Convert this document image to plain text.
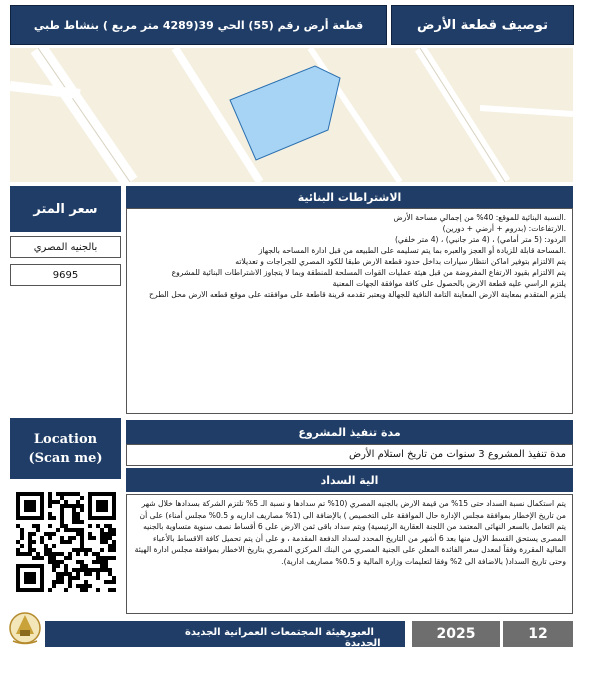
توصيف قطعة الأرض
قطعة أرض رقم (55) الحي 39(4289 متر مربع ) بنشاط طبي
الاشتراطات البنائية
.النسبة البنائية للموقع: 40% من إجمالي مساحة الأرض
.الارتفاعات: (بدروم + أرضي + دورين)
الردود: (5 متر أمامي) ، (4 متر جانبي) ، (4 متر خلفي)
.المساحة قابلة للزيادة أو العجز والعبره بما يتم تسليمه على الطبيعه من قبل ادارة المساحه بالجهاز
يتم الالتزام بتوفير اماكن انتظار سيارات بداخل حدود قطعة الارض طبقا للكود المصري للجراجات و تعديلاته
يتم الالتزام بقيود الارتفاع المفروضة من قبل هيئة عمليات القوات المسلحة للمنطقة وبما لا يتجاوز الاشتراطات البنائية للمشروع
يلتزم الراسي عليه قطعة الارض بالحصول على كافة موافقة الجهات المعنية
يلتزم المتقدم بمعاينة الارض المعاينة التامة النافية للجهالة ويعتبر تقدمه قرينة قاطعة على موافقته على موقع قطعه الارض محل الطرح
سعر المتر
بالجنيه المصري
9695
Location
(Scan me)
مدة تنفيذ المشروع
مدة تنفيذ المشروع 3 سنوات من تاريخ استلام الأرض
الية السداد
يتم استكمال نسبة السداد حتى 15% من قيمة الارض بالجنيه المصري (10% تم سدادها و نسبة الـ 5% تلتزم الشركة بسدادها خلال شهر من تاريخ الإخطار بموافقة مجلس الإدارة حال الموافقة على التخصيص ) بالإضافة الى (1% مصاريف اداريه و 0.5% مجلس أمناء) على أن يتم التعامل بالسعر النهائى المعتمد من اللجنة العقارية الرئيسية) ويتم سداد باقى ثمن الارض على 6 أقساط نصف سنوية متساوية بالجنيه المصرى يستحق القسط الاول منها بعد 6 أشهر من التاريخ المحدد لسداد الدفعة المقدمة ، و على أن يتم تحميل كافة الاقساط بالأعباء المالية المقررة وفقاً لمعدل سعر الفائدة المعلن على الجنية المصري من البنك المركزي المصري بتاريخ الاخطار بموافقة مجلس ادارة الهيئة وحتى تاريخ السداد( بالاضافة الى 2% وفقا لتعليمات وزارة المالية و 0.5% مصاريف ادارية).
هيئة المجتمعات العمرانية الجديدة
العبور الجديدة
2025	12
